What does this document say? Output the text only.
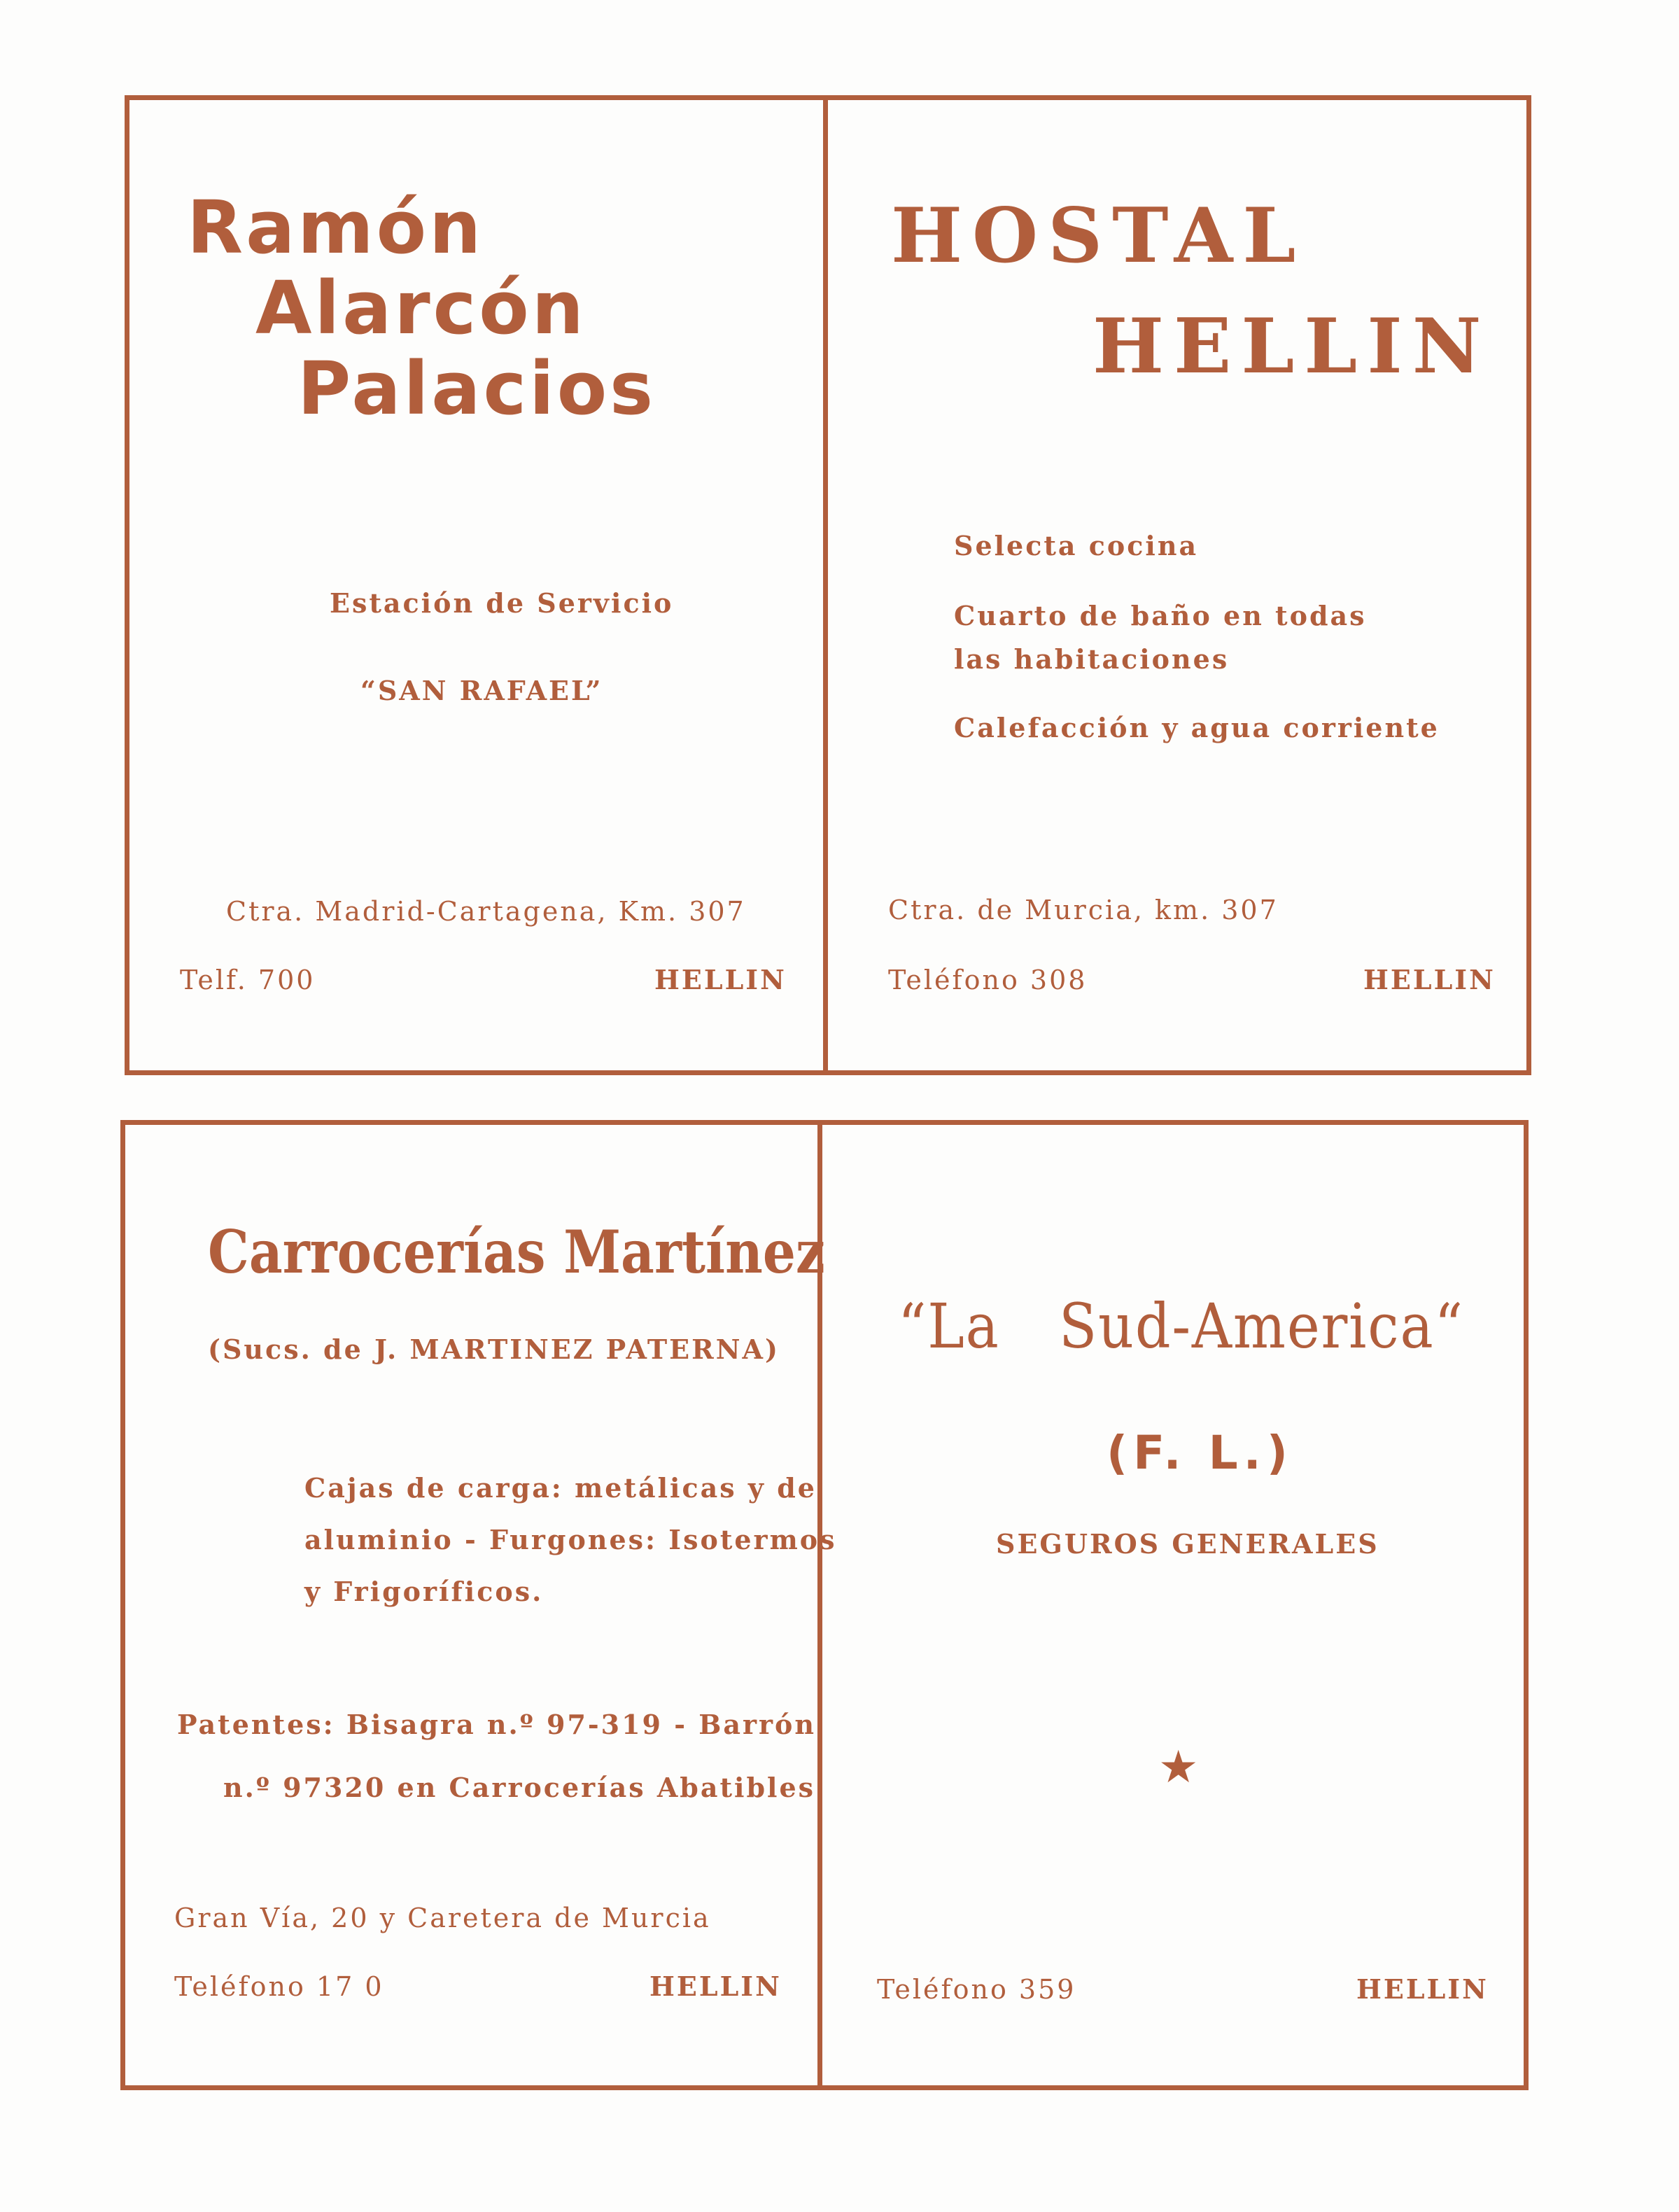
Ramón
Alarcón
Palacios
Estación de Servicio
“SAN RAFAEL”
Ctra. Madrid-Cartagena, Km. 307
Telf. 700	HELLIN
HOSTAL
HELLIN
Selecta cocina
Cuarto de baño en todas
las habitaciones
Calefacción y agua corriente
Ctra. de Murcia, km. 307
Teléfono 308	HELLIN
Carrocerías Martínez
(Sucs. de J. MARTINEZ PATERNA)
Cajas de carga: metálicas y de
aluminio - Furgones: Isotermos
y Frigoríficos.
Patentes: Bisagra n.º 97-319 - Barrón
n.º 97320 en Carrocerías Abatibles
Gran Vía, 20 y Caretera de Murcia
Teléfono 17 0	HELLIN
“La Sud-America“
(F. L.)
SEGUROS GENERALES
★
Teléfono 359	HELLIN
